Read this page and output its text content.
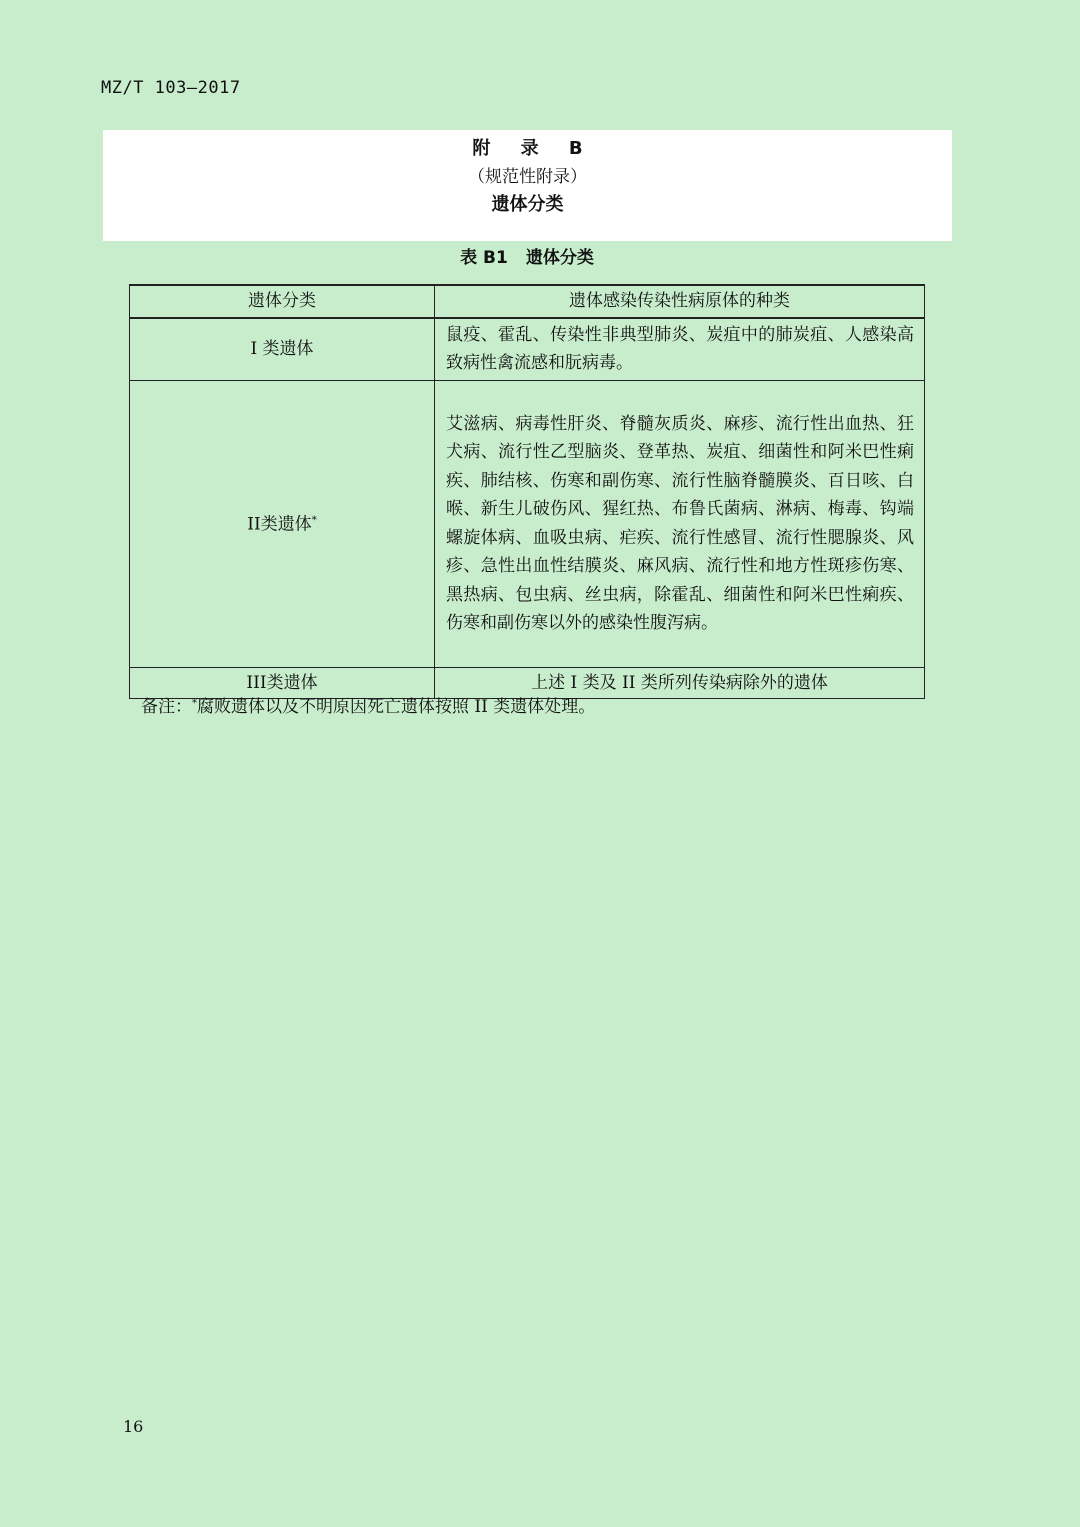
MZ/T 103—2017
附 录 B
（规范性附录）
遗体分类
表 B1 遗体分类
遗体分类	遗体感染传染性病原体的种类
I 类遗体	鼠疫、霍乱、传染性非典型肺炎、炭疽中的肺炭疽、人感染高致病性禽流感和朊病毒。
II类遗体*	艾滋病、病毒性肝炎、脊髓灰质炎、麻疹、流行性出血热、狂犬病、流行性乙型脑炎、登革热、炭疽、细菌性和阿米巴性痢疾、肺结核、伤寒和副伤寒、流行性脑脊髓膜炎、百日咳、白喉、新生儿破伤风、猩红热、布鲁氏菌病、淋病、梅毒、钩端螺旋体病、血吸虫病、疟疾、流行性感冒、流行性腮腺炎、风疹、急性出血性结膜炎、麻风病、流行性和地方性斑疹伤寒、黑热病、包虫病、丝虫病，除霍乱、细菌性和阿米巴性痢疾、伤寒和副伤寒以外的感染性腹泻病。
III类遗体	上述 I 类及 II 类所列传染病除外的遗体
备注：*腐败遗体以及不明原因死亡遗体按照 II 类遗体处理。
16
